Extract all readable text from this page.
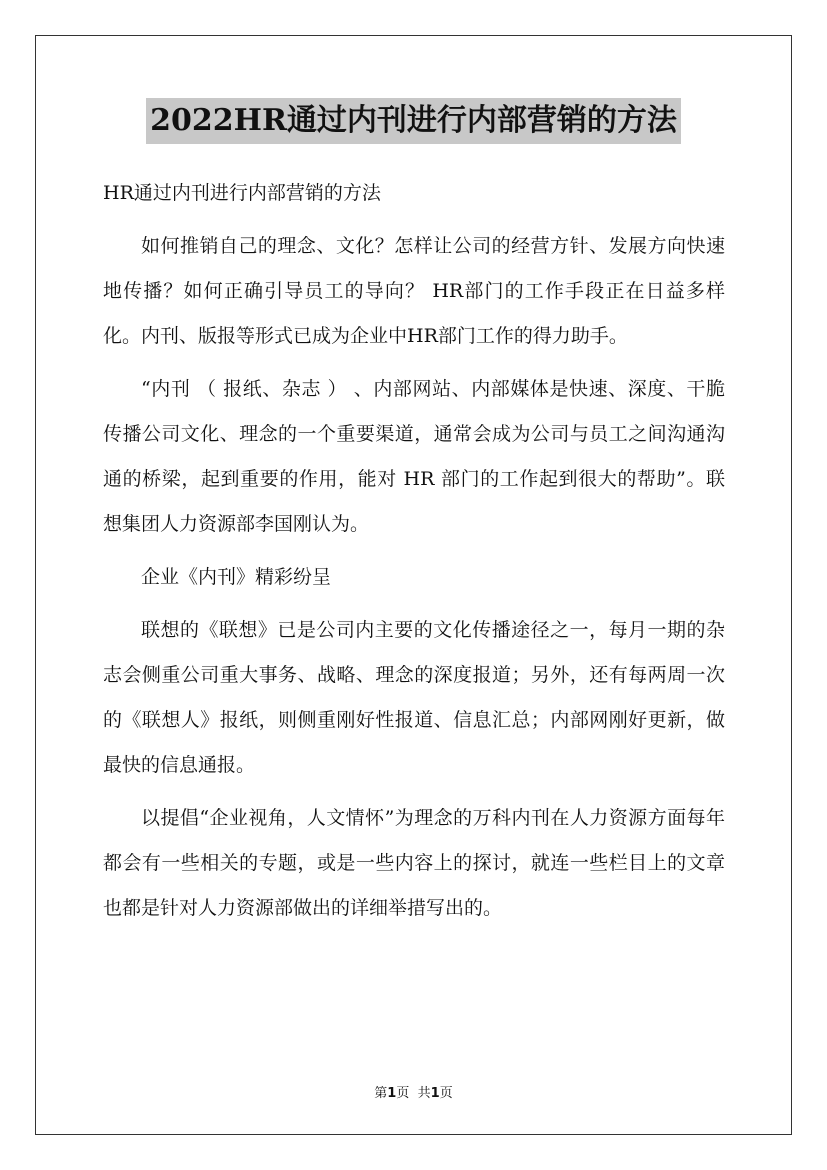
2022HR通过内刊进行内部营销的方法

HR通过内刊进行内部营销的方法

如何推销自己的理念、文化？怎样让公司的经营方针、发展方向快速地传播？如何正确引导员工的导向？ HR部门的工作手段正在日益多样化。内刊、版报等形式已成为企业中HR部门工作的得力助手。

“内刊 （ 报纸、杂志 ） 、内部网站、内部媒体是快速、深度、干脆传播公司文化、理念的一个重要渠道，通常会成为公司与员工之间沟通沟通的桥梁，起到重要的作用，能对 HR 部门的工作起到很大的帮助”。联想集团人力资源部李国刚认为。

企业《内刊》精彩纷呈

联想的《联想》已是公司内主要的文化传播途径之一，每月一期的杂志会侧重公司重大事务、战略、理念的深度报道；另外，还有每两周一次的《联想人》报纸，则侧重刚好性报道、信息汇总；内部网刚好更新，做最快的信息通报。

以提倡“企业视角，人文情怀”为理念的万科内刊在人力资源方面每年都会有一些相关的专题，或是一些内容上的探讨，就连一些栏目上的文章也都是针对人力资源部做出的详细举措写出的。

第1页 共1页
